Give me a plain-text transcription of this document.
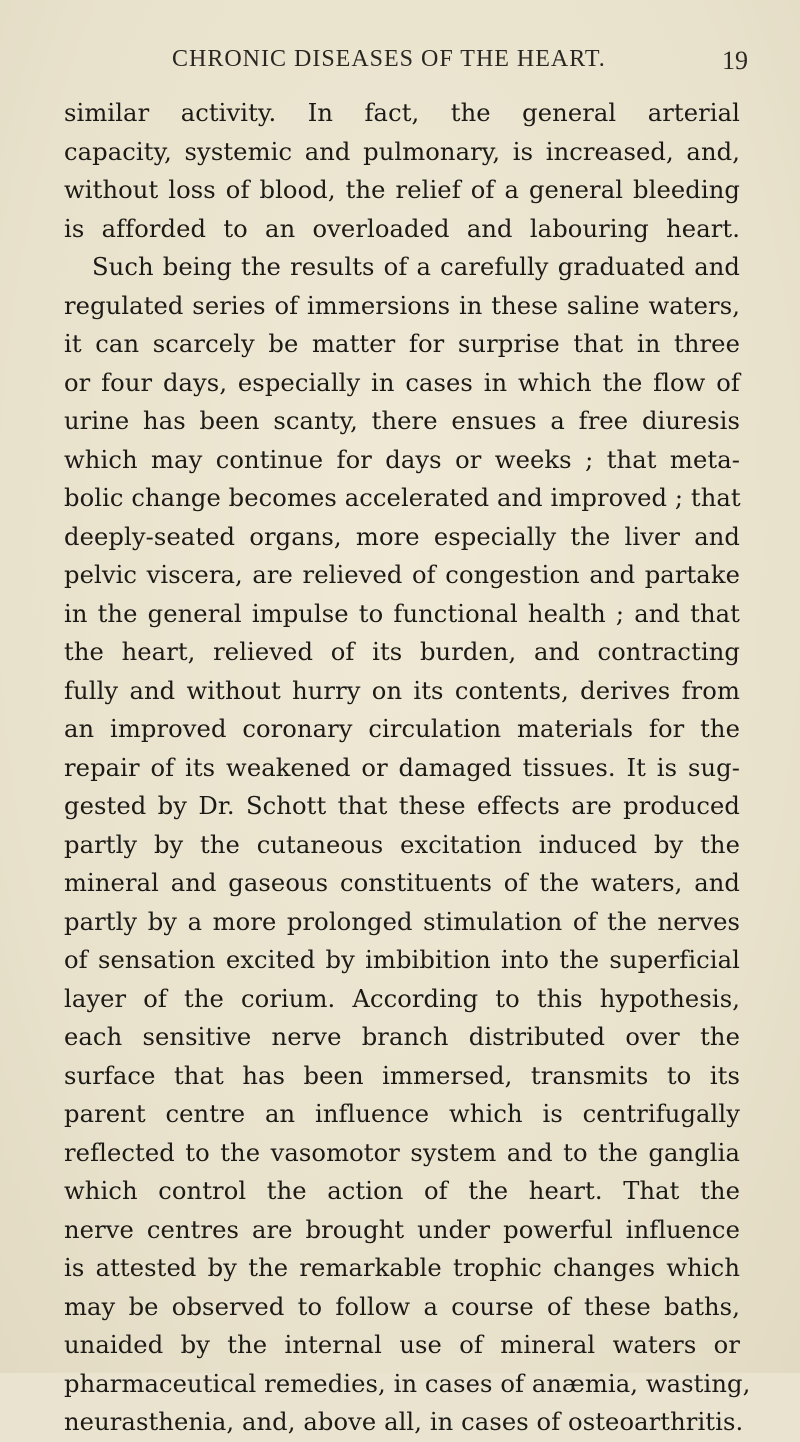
CHRONIC DISEASES OF THE HEART.	19
similar activity. In fact, the general arterial
capacity, systemic and pulmonary, is increased, and,
without loss of blood, the relief of a general bleeding
is afforded to an overloaded and labouring heart.
Such being the results of a carefully graduated and
regulated series of immersions in these saline waters,
it can scarcely be matter for surprise that in three
or four days, especially in cases in which the flow of
urine has been scanty, there ensues a free diuresis
which may continue for days or weeks ; that meta-
bolic change becomes accelerated and improved ; that
deeply-seated organs, more especially the liver and
pelvic viscera, are relieved of congestion and partake
in the general impulse to functional health ; and that
the heart, relieved of its burden, and contracting
fully and without hurry on its contents, derives from
an improved coronary circulation materials for the
repair of its weakened or damaged tissues. It is sug-
gested by Dr. Schott that these effects are produced
partly by the cutaneous excitation induced by the
mineral and gaseous constituents of the waters, and
partly by a more prolonged stimulation of the nerves
of sensation excited by imbibition into the superficial
layer of the corium. According to this hypothesis,
each sensitive nerve branch distributed over the
surface that has been immersed, transmits to its
parent centre an influence which is centrifugally
reflected to the vasomotor system and to the ganglia
which control the action of the heart. That the
nerve centres are brought under powerful influence
is attested by the remarkable trophic changes which
may be observed to follow a course of these baths,
unaided by the internal use of mineral waters or
pharmaceutical remedies, in cases of anæmia, wasting,
neurasthenia, and, above all, in cases of osteoarthritis.
